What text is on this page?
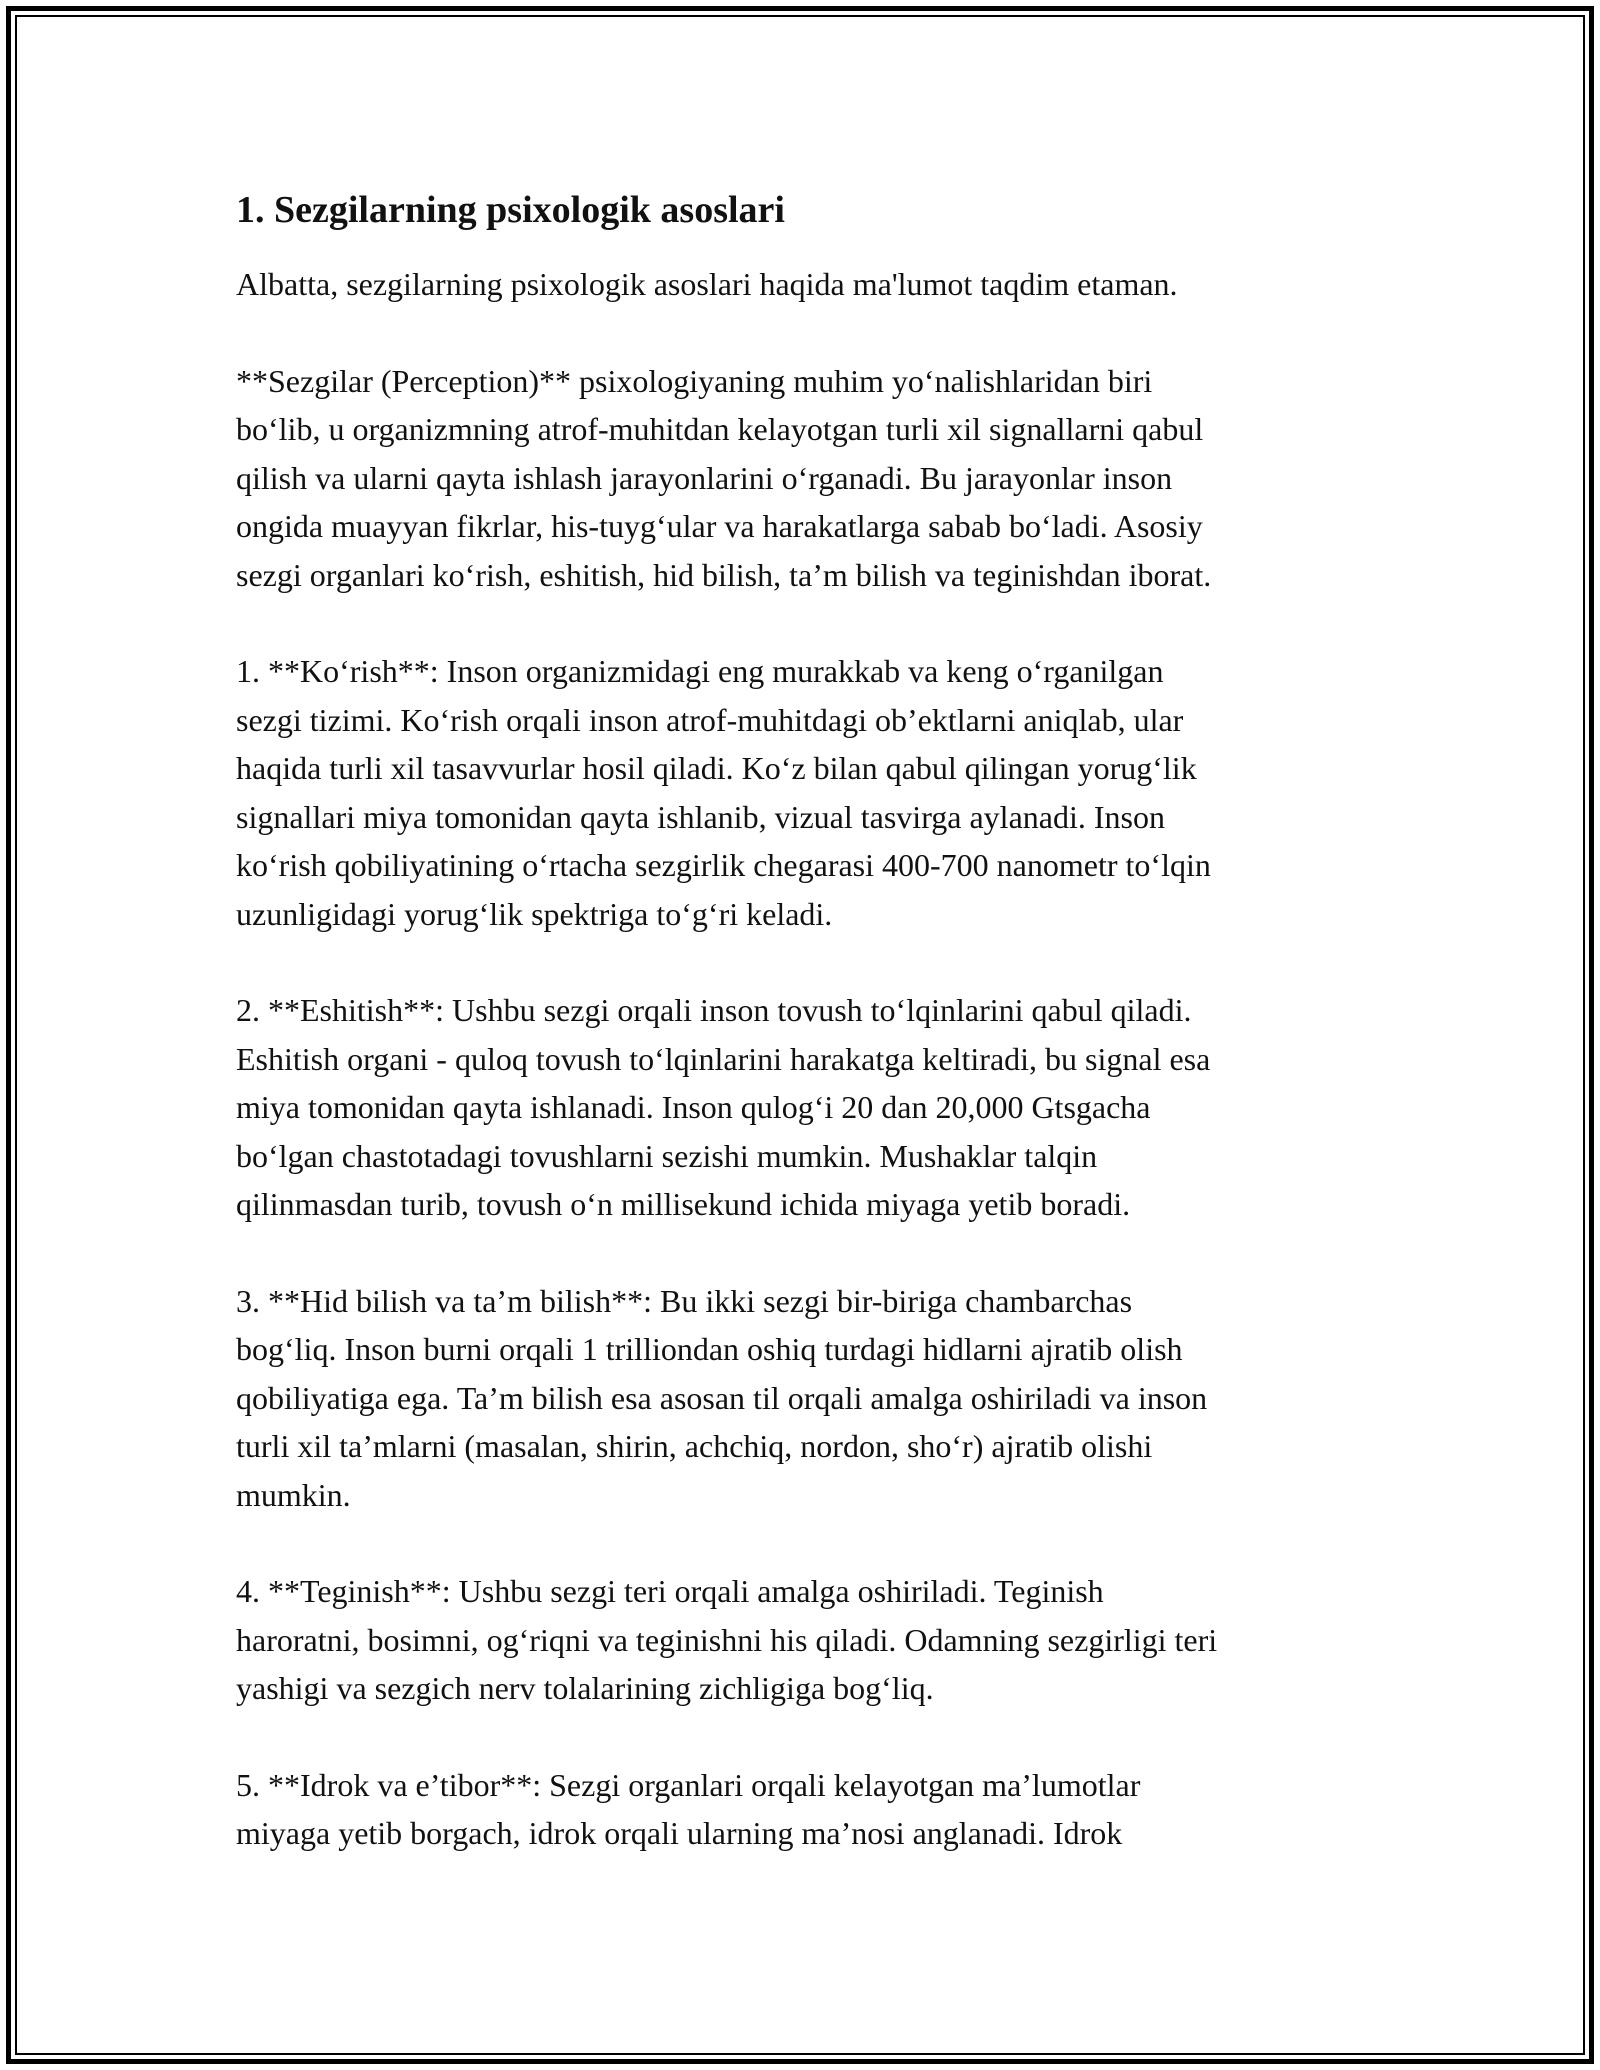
1. Sezgilarning psixologik asoslari
Albatta, sezgilarning psixologik asoslari haqida ma'lumot taqdim etaman.
**Sezgilar (Perception)** psixologiyaning muhim yo‘nalishlaridan biri
bo‘lib, u organizmning atrof-muhitdan kelayotgan turli xil signallarni qabul
qilish va ularni qayta ishlash jarayonlarini o‘rganadi. Bu jarayonlar inson
ongida muayyan fikrlar, his-tuyg‘ular va harakatlarga sabab bo‘ladi. Asosiy
sezgi organlari ko‘rish, eshitish, hid bilish, ta’m bilish va teginishdan iborat.
1. **Ko‘rish**: Inson organizmidagi eng murakkab va keng o‘rganilgan
sezgi tizimi. Ko‘rish orqali inson atrof-muhitdagi ob’ektlarni aniqlab, ular
haqida turli xil tasavvurlar hosil qiladi. Ko‘z bilan qabul qilingan yorug‘lik
signallari miya tomonidan qayta ishlanib, vizual tasvirga aylanadi. Inson
ko‘rish qobiliyatining o‘rtacha sezgirlik chegarasi 400-700 nanometr to‘lqin
uzunligidagi yorug‘lik spektriga to‘g‘ri keladi.
2. **Eshitish**: Ushbu sezgi orqali inson tovush to‘lqinlarini qabul qiladi.
Eshitish organi - quloq tovush to‘lqinlarini harakatga keltiradi, bu signal esa
miya tomonidan qayta ishlanadi. Inson qulog‘i 20 dan 20,000 Gtsgacha
bo‘lgan chastotadagi tovushlarni sezishi mumkin. Mushaklar talqin
qilinmasdan turib, tovush o‘n millisekund ichida miyaga yetib boradi.
3. **Hid bilish va ta’m bilish**: Bu ikki sezgi bir-biriga chambarchas
bog‘liq. Inson burni orqali 1 trilliondan oshiq turdagi hidlarni ajratib olish
qobiliyatiga ega. Ta’m bilish esa asosan til orqali amalga oshiriladi va inson
turli xil ta’mlarni (masalan, shirin, achchiq, nordon, sho‘r) ajratib olishi
mumkin.
4. **Teginish**: Ushbu sezgi teri orqali amalga oshiriladi. Teginish
haroratni, bosimni, og‘riqni va teginishni his qiladi. Odamning sezgirligi teri
yashigi va sezgich nerv tolalarining zichligiga bog‘liq.
5. **Idrok va e’tibor**: Sezgi organlari orqali kelayotgan ma’lumotlar
miyaga yetib borgach, idrok orqali ularning ma’nosi anglanadi. Idrok
